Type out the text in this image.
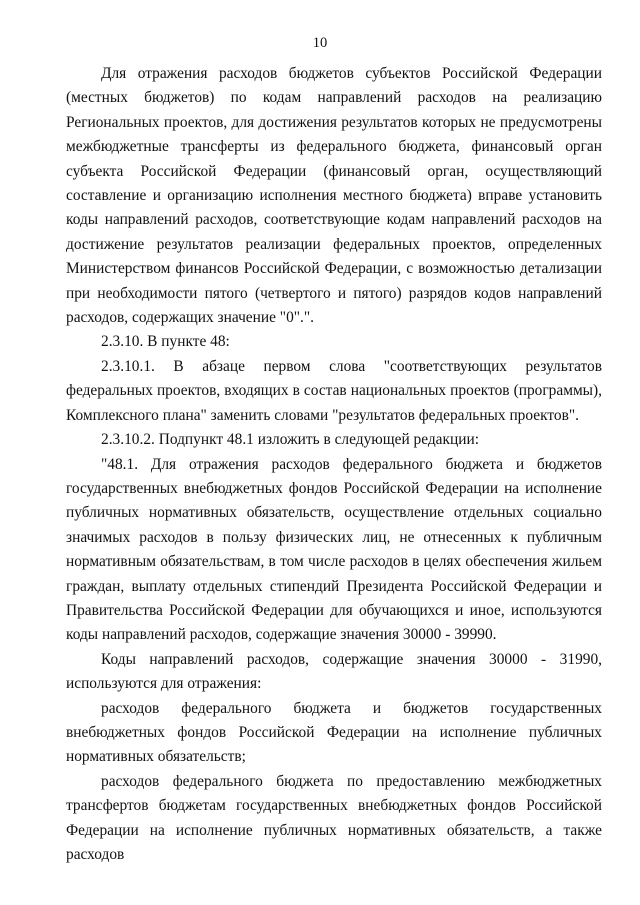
10

Для отражения расходов бюджетов субъектов Российской Федерации (местных бюджетов) по кодам направлений расходов на реализацию Региональных проектов, для достижения результатов которых не предусмотрены межбюджетные трансферты из федерального бюджета, финансовый орган субъекта Российской Федерации (финансовый орган, осуществляющий составление и организацию исполнения местного бюджета) вправе установить коды направлений расходов, соответствующие кодам направлений расходов на достижение результатов реализации федеральных проектов, определенных Министерством финансов Российской Федерации, с возможностью детализации при необходимости пятого (четвертого и пятого) разрядов кодов направлений расходов, содержащих значение "0".".

2.3.10. В пункте 48:

2.3.10.1. В абзаце первом слова "соответствующих результатов федеральных проектов, входящих в состав национальных проектов (программы), Комплексного плана" заменить словами "результатов федеральных проектов".

2.3.10.2. Подпункт 48.1 изложить в следующей редакции:

"48.1. Для отражения расходов федерального бюджета и бюджетов государственных внебюджетных фондов Российской Федерации на исполнение публичных нормативных обязательств, осуществление отдельных социально значимых расходов в пользу физических лиц, не отнесенных к публичным нормативным обязательствам, в том числе расходов в целях обеспечения жильем граждан, выплату отдельных стипендий Президента Российской Федерации и Правительства Российской Федерации для обучающихся и иное, используются коды направлений расходов, содержащие значения 30000 - 39990.

Коды направлений расходов, содержащие значения 30000 - 31990, используются для отражения:

расходов федерального бюджета и бюджетов государственных внебюджетных фондов Российской Федерации на исполнение публичных нормативных обязательств;

расходов федерального бюджета по предоставлению межбюджетных трансфертов бюджетам государственных внебюджетных фондов Российской Федерации на исполнение публичных нормативных обязательств, а также расходов
